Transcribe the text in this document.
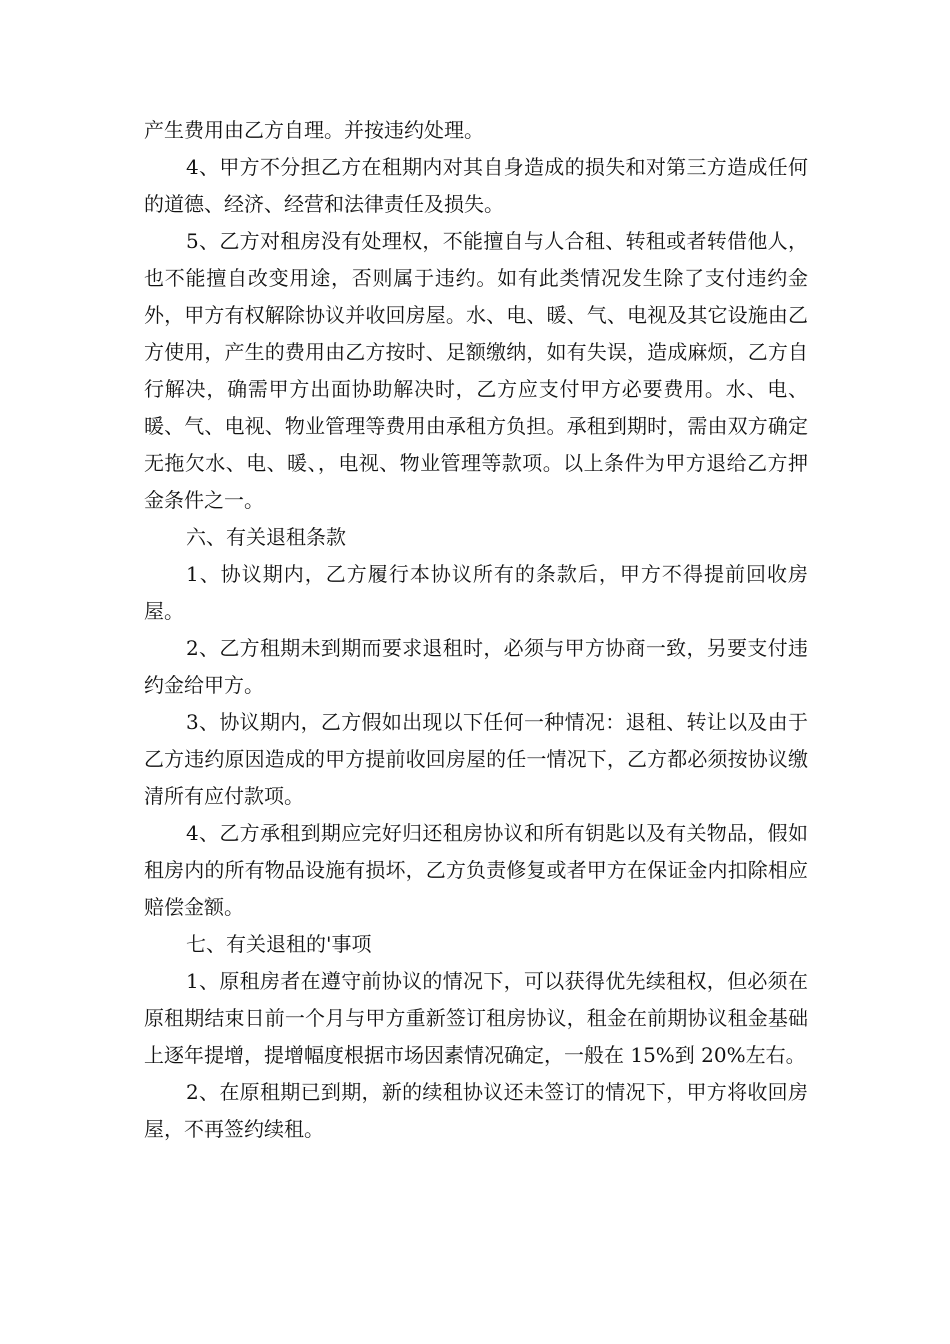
产生费用由乙方自理。并按违约处理。

4、甲方不分担乙方在租期内对其自身造成的损失和对第三方造成任何的道德、经济、经营和法律责任及损失。

5、乙方对租房没有处理权，不能擅自与人合租、转租或者转借他人，也不能擅自改变用途，否则属于违约。如有此类情况发生除了支付违约金外，甲方有权解除协议并收回房屋。水、电、暖、气、电视及其它设施由乙方使用，产生的费用由乙方按时、足额缴纳，如有失误，造成麻烦，乙方自行解决，确需甲方出面协助解决时，乙方应支付甲方必要费用。水、电、暖、气、电视、物业管理等费用由承租方负担。承租到期时，需由双方确定无拖欠水、电、暖、，电视、物业管理等款项。以上条件为甲方退给乙方押金条件之一。

六、有关退租条款

1、协议期内，乙方履行本协议所有的条款后，甲方不得提前回收房屋。

2、乙方租期未到期而要求退租时，必须与甲方协商一致，另要支付违约金给甲方。

3、协议期内，乙方假如出现以下任何一种情况：退租、转让以及由于乙方违约原因造成的甲方提前收回房屋的任一情况下，乙方都必须按协议缴清所有应付款项。

4、乙方承租到期应完好归还租房协议和所有钥匙以及有关物品，假如租房内的所有物品设施有损坏，乙方负责修复或者甲方在保证金内扣除相应赔偿金额。

七、有关退租的'事项

1、原租房者在遵守前协议的情况下，可以获得优先续租权，但必须在原租期结束日前一个月与甲方重新签订租房协议，租金在前期协议租金基础上逐年提增，提增幅度根据市场因素情况确定，一般在 15%到 20%左右。

2、在原租期已到期，新的续租协议还未签订的情况下，甲方将收回房屋，不再签约续租。
